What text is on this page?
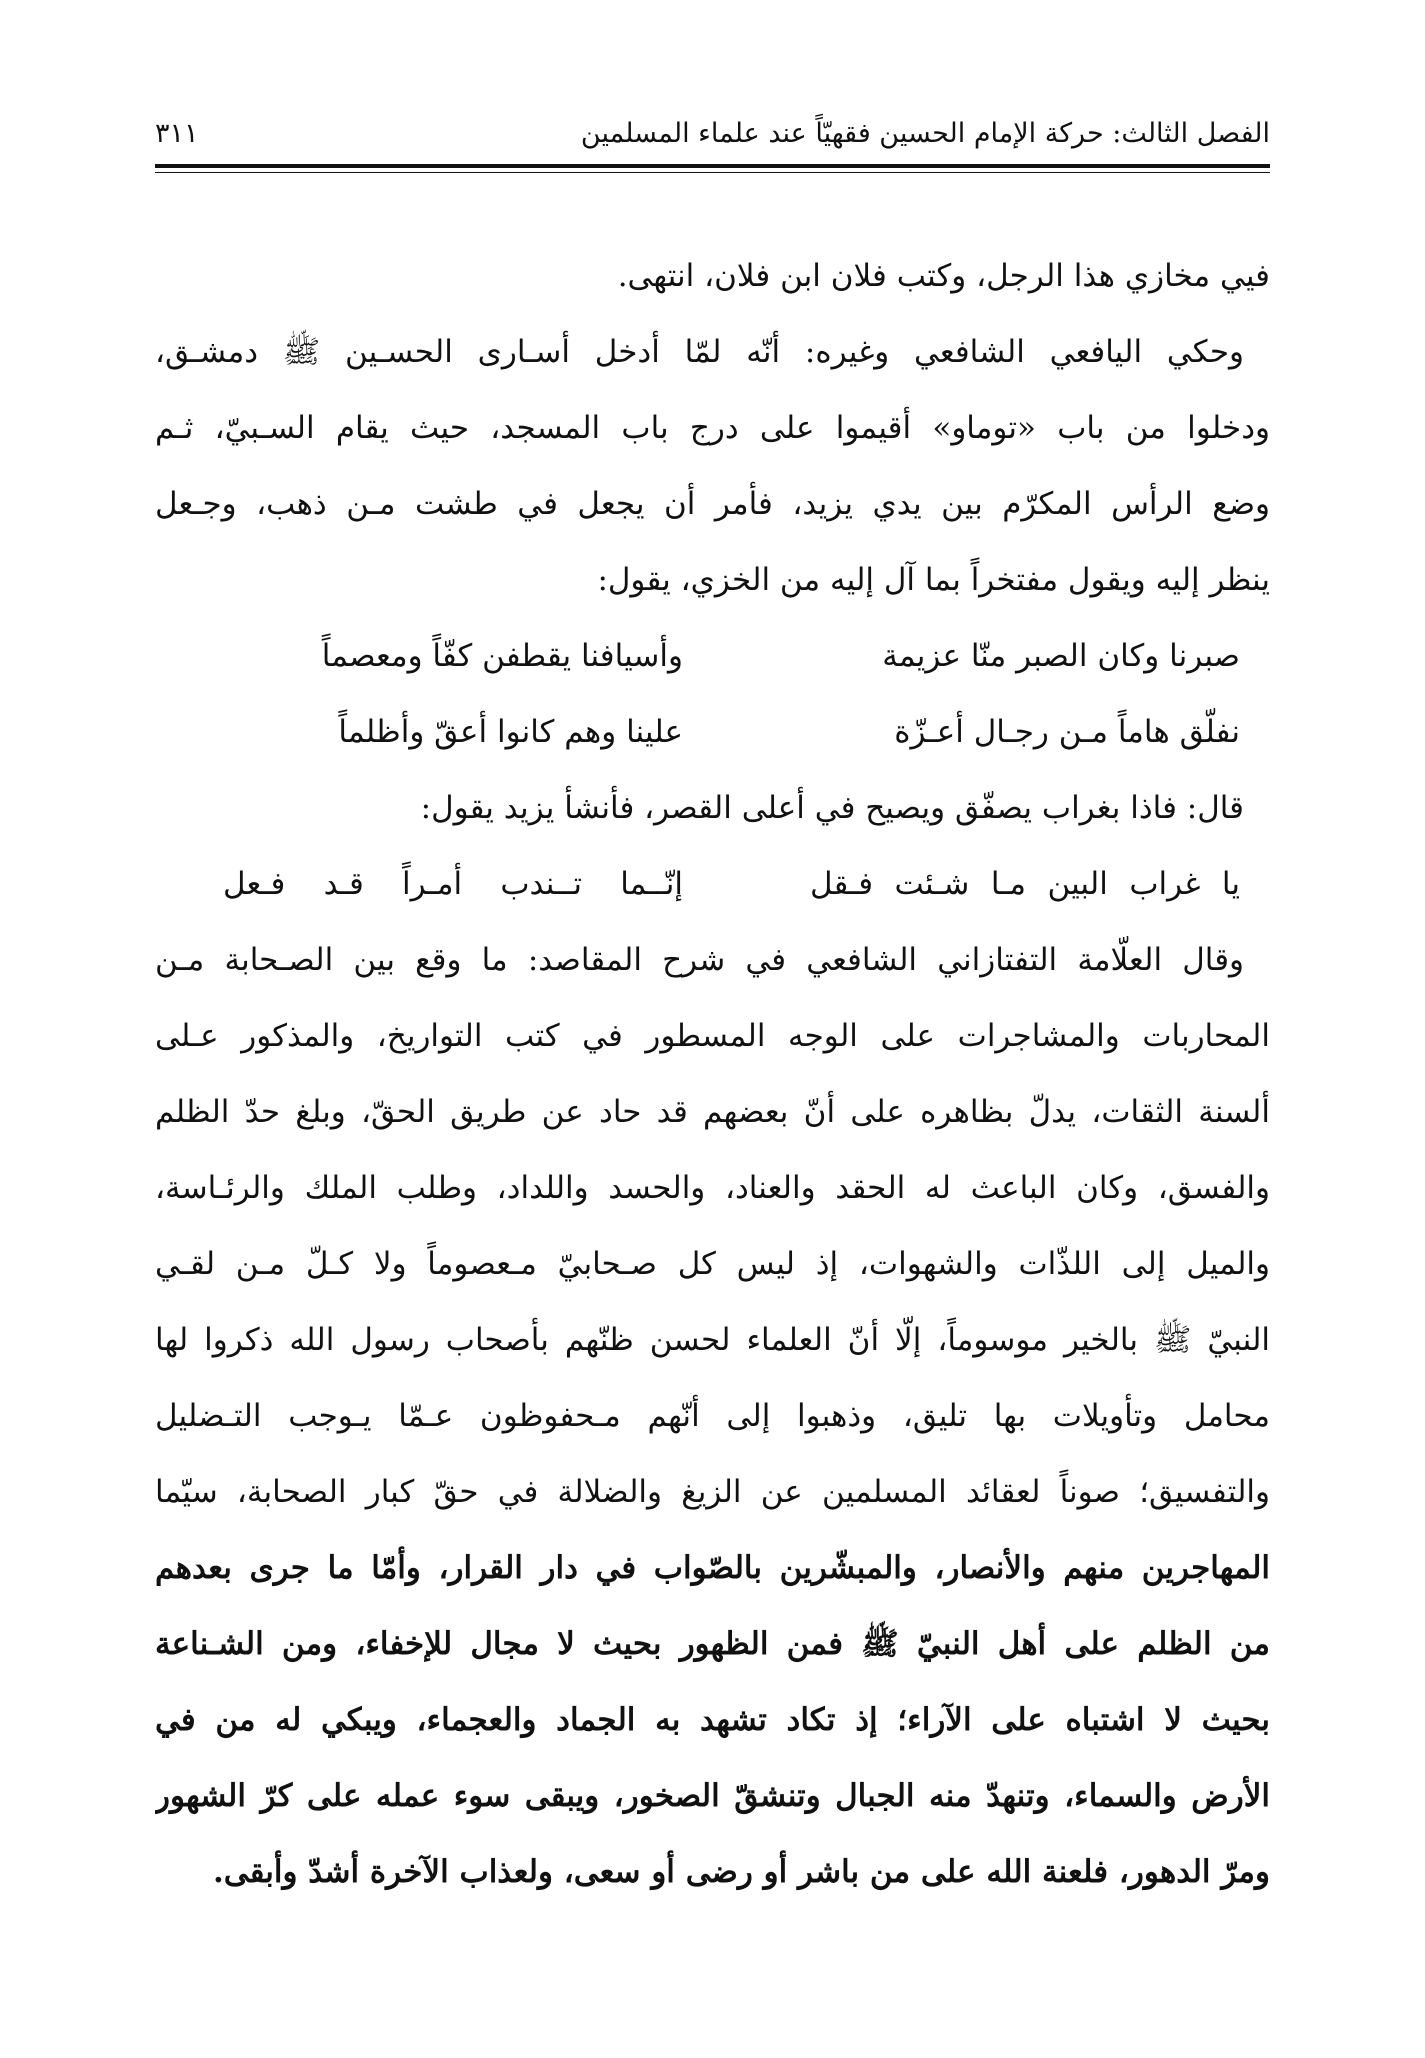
الفصل الثالث: حركة الإمام الحسين فقهيّاً عند علماء المسلمين
٣١١
فيي مخازي هذا الرجل، وكتب فلان ابن فلان، انتهى.
وحكي اليافعي الشافعي وغيره: أنّه لمّا أدخل أسـارى الحسـين ﷺ دمشـق،
ودخلوا من باب «توماو» أقيموا على درج باب المسجد، حيث يقام السـبيّ، ثـم
وضع الرأس المكرّم بين يدي يزيد، فأمر أن يجعل في طشت مـن ذهب، وجـعل
ينظر إليه ويقول مفتخراً بما آل إليه من الخزي، يقول:
صبرنا وكان الصبر منّا عزيمة
وأسيافنا يقطفن كفّاً ومعصماً
نفلّق هاماً مـن رجـال أعـزّة
علينا وهم كانوا أعقّ وأظلماً
قال: فاذا بغراب يصفّق ويصيح في أعلى القصر، فأنشأ يزيد يقول:
يا غراب البين مـا شـئت فـقل
إنّــما تــندب أمـراً قـد فـعل
وقال العلّامة التفتازاني الشافعي في شرح المقاصد: ما وقع بين الصـحابة مـن
المحاربات والمشاجرات على الوجه المسطور في كتب التواريخ، والمذكور عـلى
ألسنة الثقات، يدلّ بظاهره على أنّ بعضهم قد حاد عن طريق الحقّ، وبلغ حدّ الظلم
والفسق، وكان الباعث له الحقد والعناد، والحسد واللداد، وطلب الملك والرئـاسة،
والميل إلى اللذّات والشهوات، إذ ليس كل صـحابيّ مـعصوماً ولا كـلّ مـن لقـي
النبيّ ﷺ بالخير موسوماً، إلّا أنّ العلماء لحسن ظنّهم بأصحاب رسول الله ذكروا لها
محامل وتأويلات بها تليق، وذهبوا إلى أنّهم مـحفوظون عـمّا يـوجب التـضليل
والتفسيق؛ صوناً لعقائد المسلمين عن الزيغ والضلالة في حقّ كبار الصحابة، سيّما
المهاجرين منهم والأنصار، والمبشّرين بالصّواب في دار القرار، وأمّا ما جرى بعدهم
من الظلم على أهل النبيّ ﷺ فمن الظهور بحيث لا مجال للإخفاء، ومن الشـناعة
بحيث لا اشتباه على الآراء؛ إذ تكاد تشهد به الجماد والعجماء، ويبكي له من في
الأرض والسماء، وتنهدّ منه الجبال وتنشقّ الصخور، ويبقى سوء عمله على كرّ الشهور
ومرّ الدهور، فلعنة الله على من باشر أو رضى أو سعى، ولعذاب الآخرة أشدّ وأبقى.
